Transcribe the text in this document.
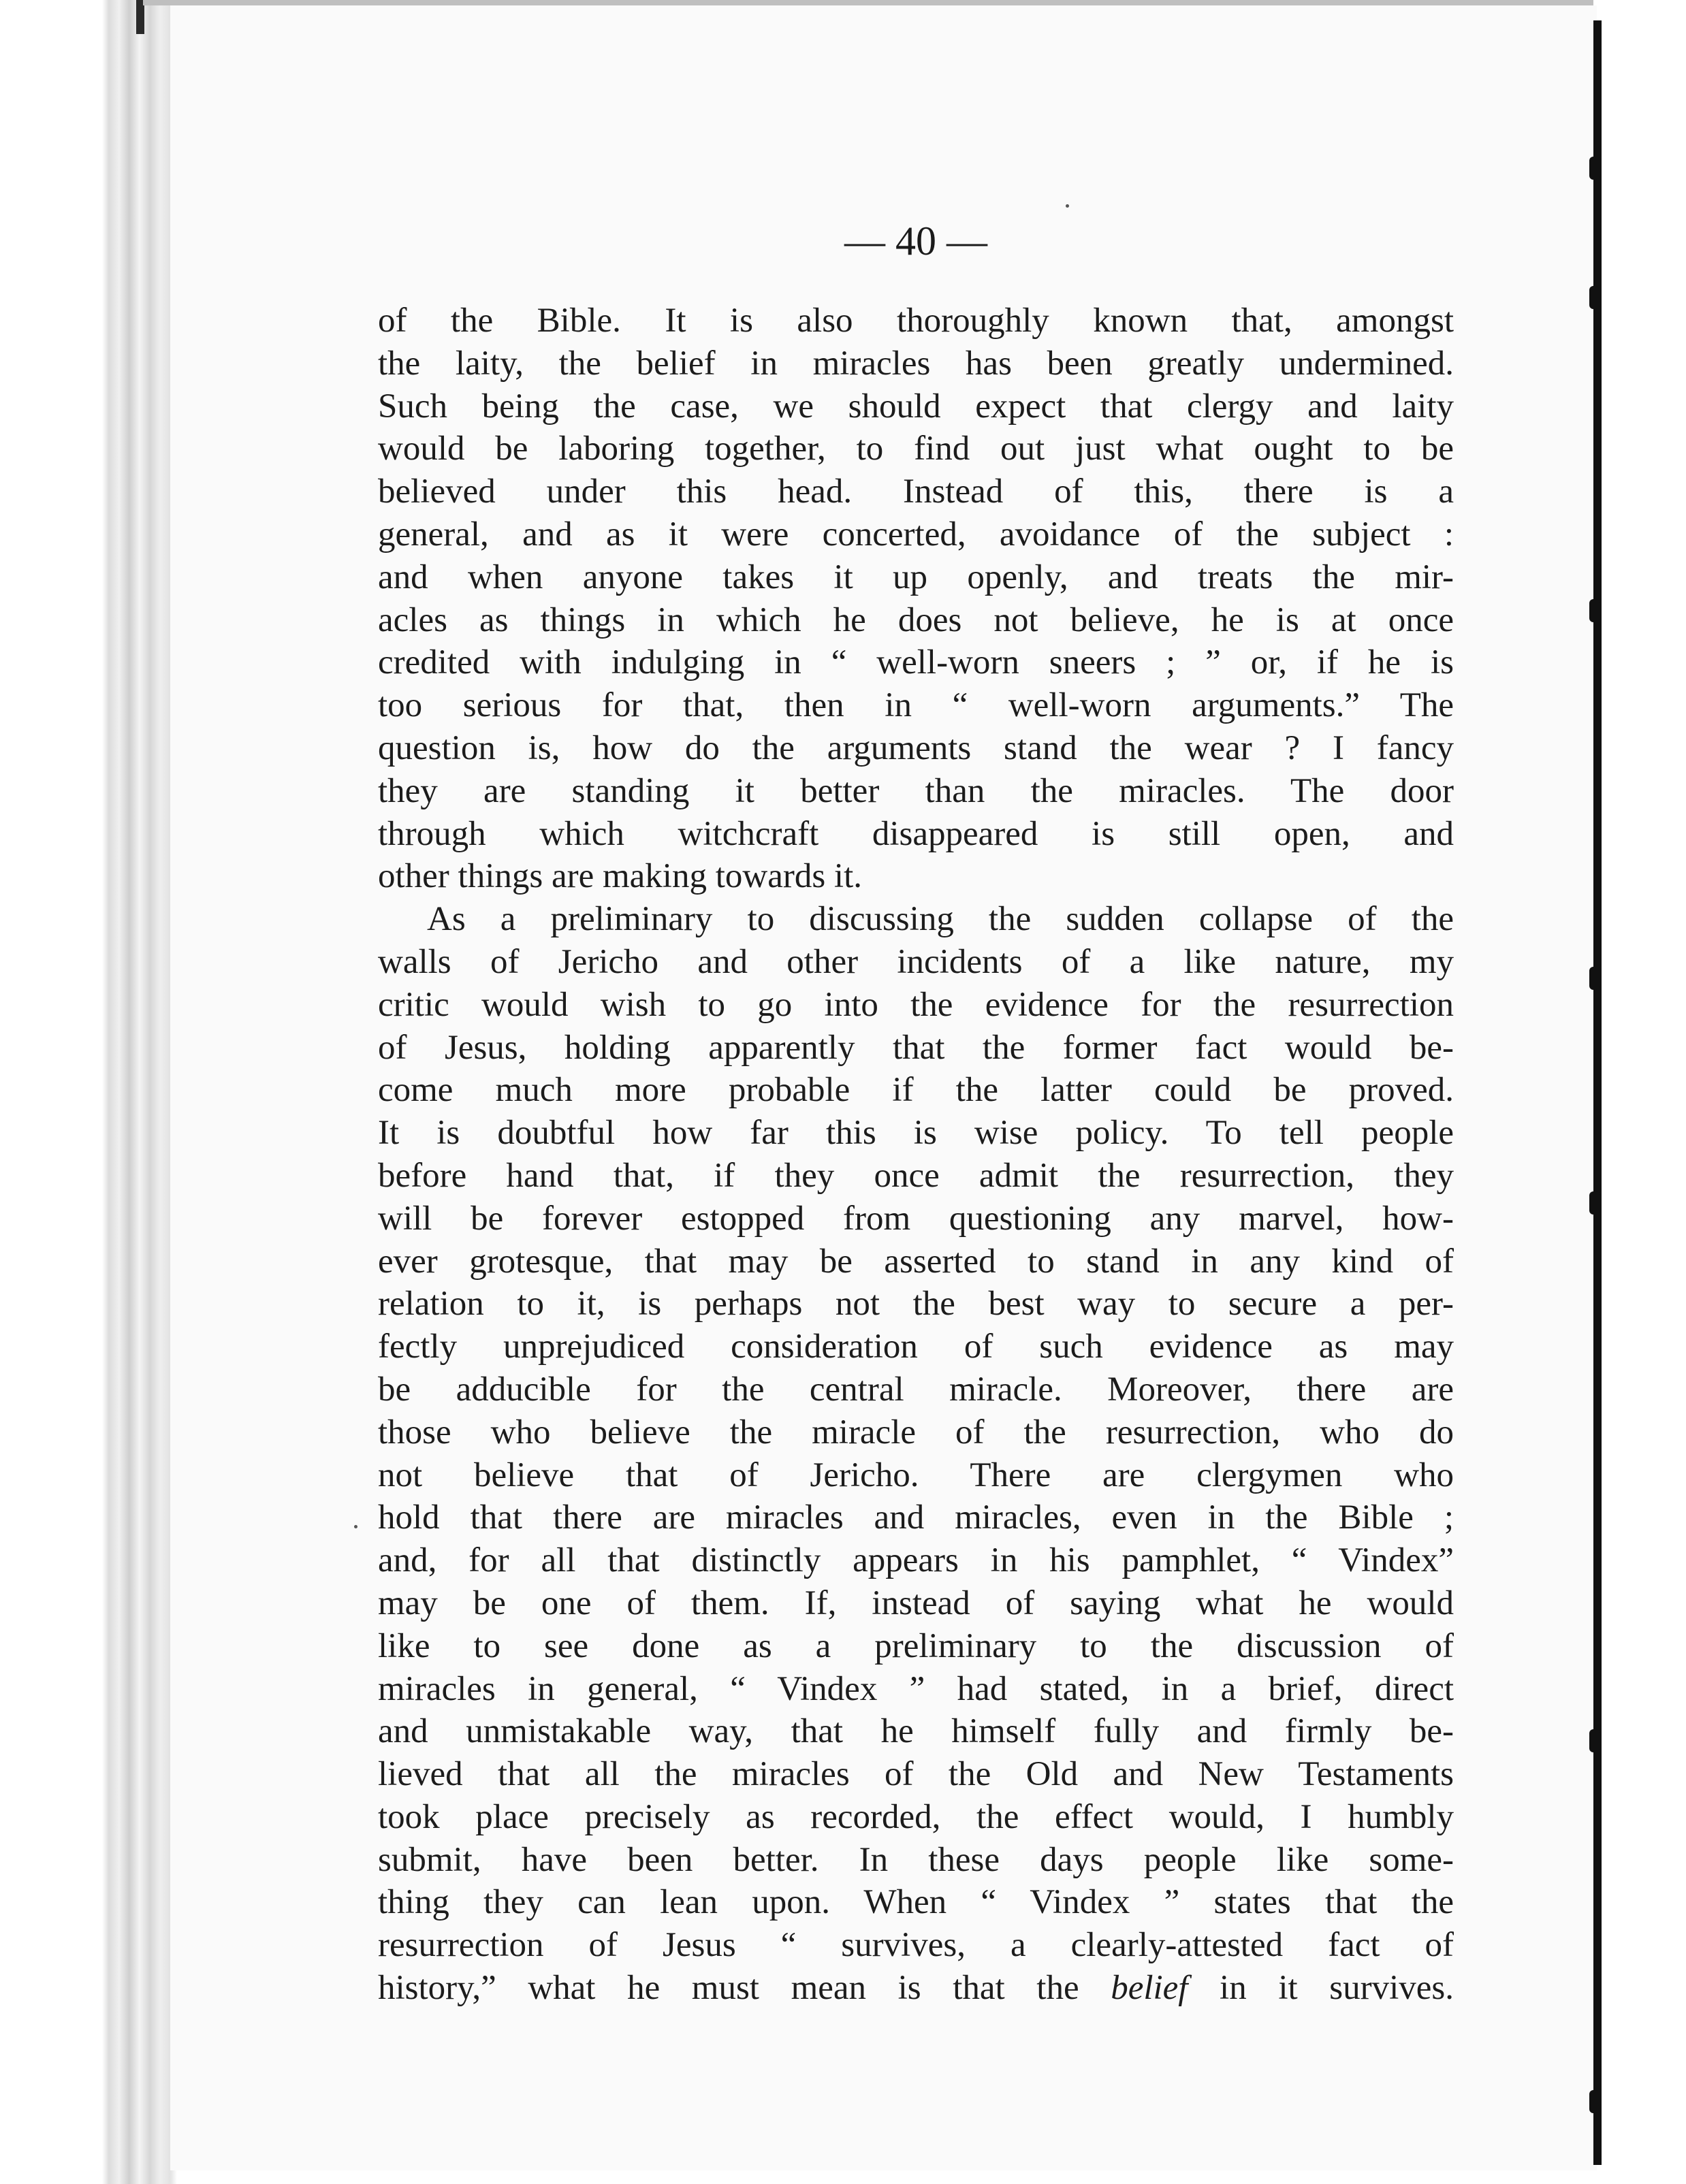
— 40 —
of the Bible. It is also thoroughly known that, amongst
the laity, the belief in miracles has been greatly undermined.
Such being the case, we should expect that clergy and laity
would be laboring together, to find out just what ought to be
believed under this head. Instead of this, there is a
general, and as it were concerted, avoidance of the subject :
and when anyone takes it up openly, and treats the mir-
acles as things in which he does not believe, he is at once
credited with indulging in “ well-worn sneers ; ” or, if he is
too serious for that, then in “ well-worn arguments.” The
question is, how do the arguments stand the wear ? I fancy
they are standing it better than the miracles. The door
through which witchcraft disappeared is still open, and
other things are making towards it.
As a preliminary to discussing the sudden collapse of the
walls of Jericho and other incidents of a like nature, my
critic would wish to go into the evidence for the resurrection
of Jesus, holding apparently that the former fact would be-
come much more probable if the latter could be proved.
It is doubtful how far this is wise policy. To tell people
before hand that, if they once admit the resurrection, they
will be forever estopped from questioning any marvel, how-
ever grotesque, that may be asserted to stand in any kind of
relation to it, is perhaps not the best way to secure a per-
fectly unprejudiced consideration of such evidence as may
be adducible for the central miracle. Moreover, there are
those who believe the miracle of the resurrection, who do
not believe that of Jericho. There are clergymen who
hold that there are miracles and miracles, even in the Bible ;
and, for all that distinctly appears in his pamphlet, “ Vindex”
may be one of them. If, instead of saying what he would
like to see done as a preliminary to the discussion of
miracles in general, “ Vindex ” had stated, in a brief, direct
and unmistakable way, that he himself fully and firmly be-
lieved that all the miracles of the Old and New Testaments
took place precisely as recorded, the effect would, I humbly
submit, have been better. In these days people like some-
thing they can lean upon. When “ Vindex ” states that the
resurrection of Jesus “ survives, a clearly-attested fact of
history,” what he must mean is that the belief in it survives.
